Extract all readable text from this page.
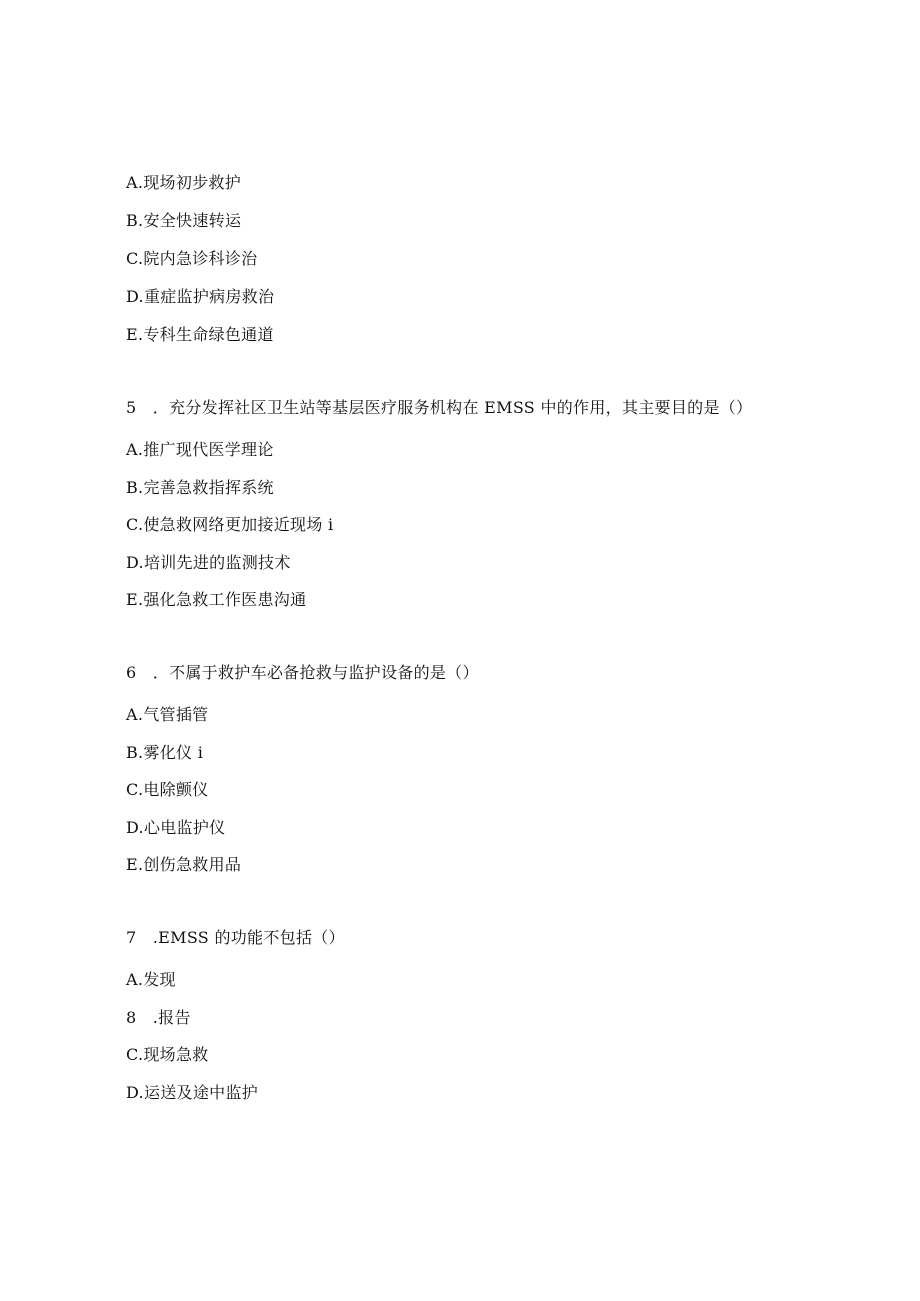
A.现场初步救护
B.安全快速转运
C.院内急诊科诊治
D.重症监护病房救治
E.专科生命绿色通道
5　．充分发挥社区卫生站等基层医疗服务机构在 EMSS 中的作用，其主要目的是（）
A.推广现代医学理论
B.完善急救指挥系统
C.使急救网络更加接近现场 i
D.培训先进的监测技术
E.强化急救工作医患沟通
6　．不属于救护车必备抢救与监护设备的是（）
A.气管插管
B.雾化仪 i
C.电除颤仪
D.心电监护仪
E.创伤急救用品
7　.EMSS 的功能不包括（）
A.发现
8　.报告
C.现场急救
D.运送及途中监护
